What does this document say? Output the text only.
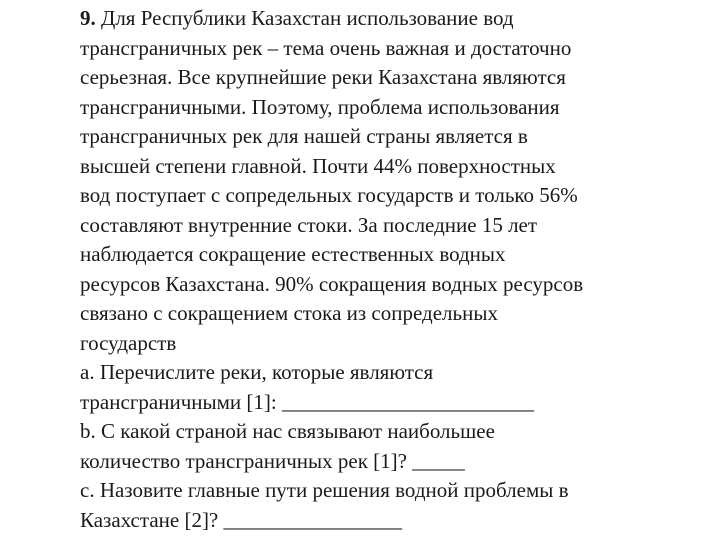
9. Для Республики Казахстан использование вод
трансграничных рек – тема очень важная и достаточно
серьезная. Все крупнейшие реки Казахстана являются
трансграничными. Поэтому, проблема использования
трансграничных рек для нашей страны является в
высшей степени главной. Почти 44% поверхностных
вод поступает с сопредельных государств и только 56%
составляют внутренние стоки. За последние 15 лет
наблюдается сокращение естественных водных
ресурсов Казахстана. 90% сокращения водных ресурсов
связано с сокращением стока из сопредельных
государств
a. Перечислите реки, которые являются
трансграничными [1]: ________________________
b. С какой страной нас связывают наибольшее
количество трансграничных рек [1]? _____
c. Назовите главные пути решения водной проблемы в
Казахстане [2]? _________________
